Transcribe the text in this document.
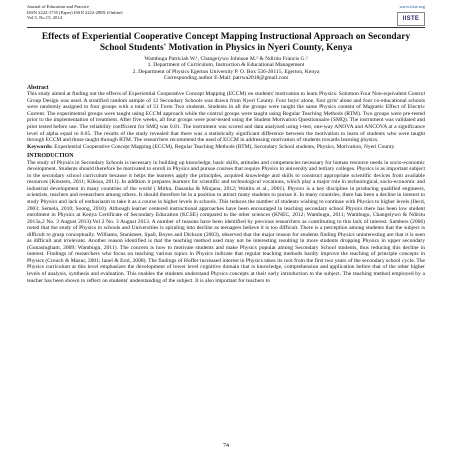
Journal of Education and Practice
ISSN 2222-1735 (Paper) ISSN 2222-288X (Online)
Vol.5, No.15, 2014
www.iiste.org
IISTE
Effects of Experiential Cooperative Concept Mapping Instructional Approach on Secondary School Students' Motivation in Physics in Nyeri County, Kenya
Wambugu Patriciah W.¹, Changeiywo Johnson M.² & Ndiritu Francis G.²
1. Department of Curriculum, Instruction & Educational Management
2. Department of Physics Egerton University P. O. Box 536-20115, Egerton, Kenya
Corresponding author E-Mail: patrwa2018@gmail.com
Abstract

This study aimed at finding out the effects of Experiential Cooperative Concept Mapping (ECCM) on students' motivation to learn Physics. Solomon Four Non-equivalent Control Group Design was used. A stratified random sample of 12 Secondary Schools was drawn from Nyeri County. Four boys' alone, four girls' alone and four co-educational schools were randomly assigned to four groups with a total of 51 Form Two students. Students in all the groups were taught the same Physics content of Magnetic Effect of Electric Current. The experimental groups were taught using ECCM approach while the control groups were taught using Regular Teaching Methods (RTM). Two groups were pre-tested prior to the implementation of treatment. After five weeks, all four groups were post-tested using the Student Motivation Questionnaire (SMQ). The instrument was validated and pilot tested before use. The reliability coefficient for SMQ was 0.81. The instrument was scored and data analyzed using t-test, one-way ANOVA and ANCOVA at a significance level of alpha equal to 0.05. The results of the study revealed that there was a statistically significant difference between the motivation to learn of students who were taught through ECCM and those taught through RTM. The researchers recommend the used of ECCM in addressing motivation of students towards learning physics.

Keywords: Experiential Cooperative Concept Mapping (ECCM), Regular Teaching Methods (RTM), Secondary School students, Physics, Motivation, Nyeri County.
INTRODUCTION

The study of Physics in Secondary Schools is necessary in building up knowledge, basic skills, attitudes and competencies necessary for human resource needs in socio-economic development. Students should therefore be motivated to enroll in Physics and pursue courses that require Physics in university and tertiary colleges. Physics is as important subject in the secondary school curriculum because it helps the learners apply the principles, acquired knowledge and skills to construct appropriate scientific devices from available resources (Kinstein, 2011; Kibosa, 2011). In addition it prepares learners for scientific and technological vocations, which play a major role in technological, socio-economic and industrial development in many countries of the world ( Mirku, Dasanka & Minjana, 2012; Waititu et al., 2001). Physics is a key discipline in producing qualified engineers, scientists, teachers and researchers among others. It should therefore be in a position to attract many students to pursue it. In many countries, there has been a decline in interest to study Physics and lack of enthusiasm to take it as a course in higher levels in schools. This reduces the number of students wishing to continue with Physics to higher levels (Ilecd, 2003; Semela, 2010; Soong, 2010). Although learner centered instructional approaches have been encouraged in teaching secondary school Physics there has been low student enrolment in Physics at Kenya Certificate of Secondary Education (KCSE) compared to the other sciences (KNEC, 2012; Wambugu, 2011; Wambugu, Changeiywo & Ndiritu 2013a,2 No. 3 August 2013).Vol 2 No. 3 August 2013. A number of reasons have been identified by previous researchers as contributing to this lack of interest. Sambers (2006) noted that the study of Physics in schools and Universities is spiraling into decline as teenagers believe it is too difficult. There is a perception among students that the subject is difficult to grasp conceptually. Williams, Stanisteet, Spall, Boyes and Dickson (2003), observed that the major reason for students finding Physics uninteresting are that it is seen as difficult and irrelevant. Another reason identified is that the teaching method used may not be interesting resulting in more students dropping Physics in upper secondary (Gunasingham, 2009; Wambugu, 2011). The concern is how to motivate students and make Physics popular among Secondary School students, thus reducing this decline in interest. Findings of researchers who focus on teaching various topics in Physics indicate that regular teaching methods hardly improve the teaching of principle concepts in Physics (Crouch & Mazur, 2001; Ianel & Erol, 2008). The findings of Hoffer increased interest in Physics takes its root from the first two years of the secondary school cycle. The Physics curriculum at this level emphasizes the development of lower level cognitive domain that is knowledge, comprehension and application before that of the other higher levels of analysis, synthesis and evaluation. This enables the students understand Physics concepts at their early introduction to the subject. The teaching method employed by a teacher has been shown to reflect on students' understanding of the subject. It is also important for teachers to

74
